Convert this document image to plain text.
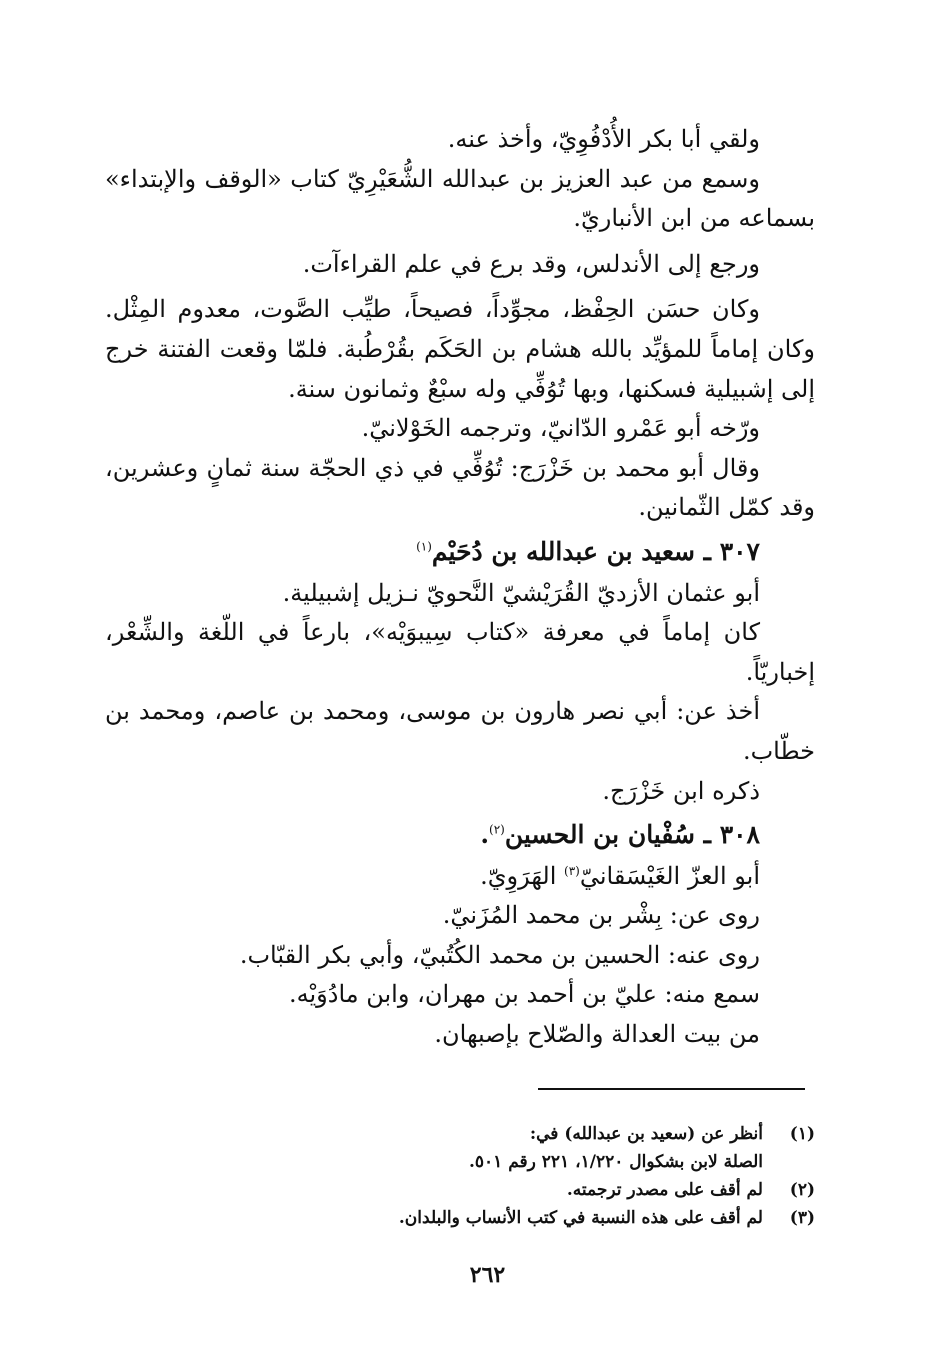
ولقي أبا بكر الأُدْفُوِيّ، وأخذ عنه.

وسمع من عبد العزيز بن عبدالله الشُّعَيْرِيّ كتاب «الوقف والإبتداء» بسماعه من ابن الأنباريّ.

ورجع إلى الأندلس، وقد برع في علم القراءآت.

وكان حسَن الحِفْظ، مجوِّداً، فصيحاً، طيِّب الصَّوت، معدوم المِثْل. وكان إماماً للمؤيِّد بالله هشام بن الحَكَم بقُرْطُبة. فلمّا وقعت الفتنة خرج إلى إشبيلية فسكنها، وبها تُوُفِّي وله سبْعٌ وثمانون سنة.

ورّخه أبو عَمْرو الدّانيّ، وترجمه الخَوْلانيّ.

وقال أبو محمد بن خَزْرَج: تُوُفِّي في ذي الحجّة سنة ثمانٍ وعشرين، وقد كمّل الثّمانين.

٣٠٧ ـ سعيد بن عبدالله بن دُحَيْم$^{(١)}$

أبو عثمان الأزديّ القُرَيْشيّ النَّحويّ نـزيل إشبيلية.

كان إماماً في معرفة «كتاب سِيبوَيْه»، بارعاً في اللّغة والشِّعْر، إخباريّاً.

أخذ عن: أبي نصر هارون بن موسى، ومحمد بن عاصم، ومحمد بن خطّاب.

ذكره ابن خَزْرَج.

٣٠٨ ـ سُفْيان بن الحسين$^{(٢)}$.

أبو العزّ الغَيْسَقانيّ$^{(٣)}$ الهَرَوِيّ.

روى عن: بِشْر بن محمد المُزَنيّ.

روى عنه: الحسين بن محمد الكُتُبيّ، وأبي بكر القبّاب.

سمع منه: عليّ بن أحمد بن مهران، وابن مادُوَيْه.

من بيت العدالة والصّلاح بإصبهان.

(١)
أنظر عن (سعيد بن عبدالله) في:
الصلة لابن بشكوال ١/٢٢٠، ٢٢١ رقم ٥٠١.
(٢)
لم أقف على مصدر ترجمته.
(٣)
لم أقف على هذه النسبة في كتب الأنساب والبلدان.
٢٦٢
